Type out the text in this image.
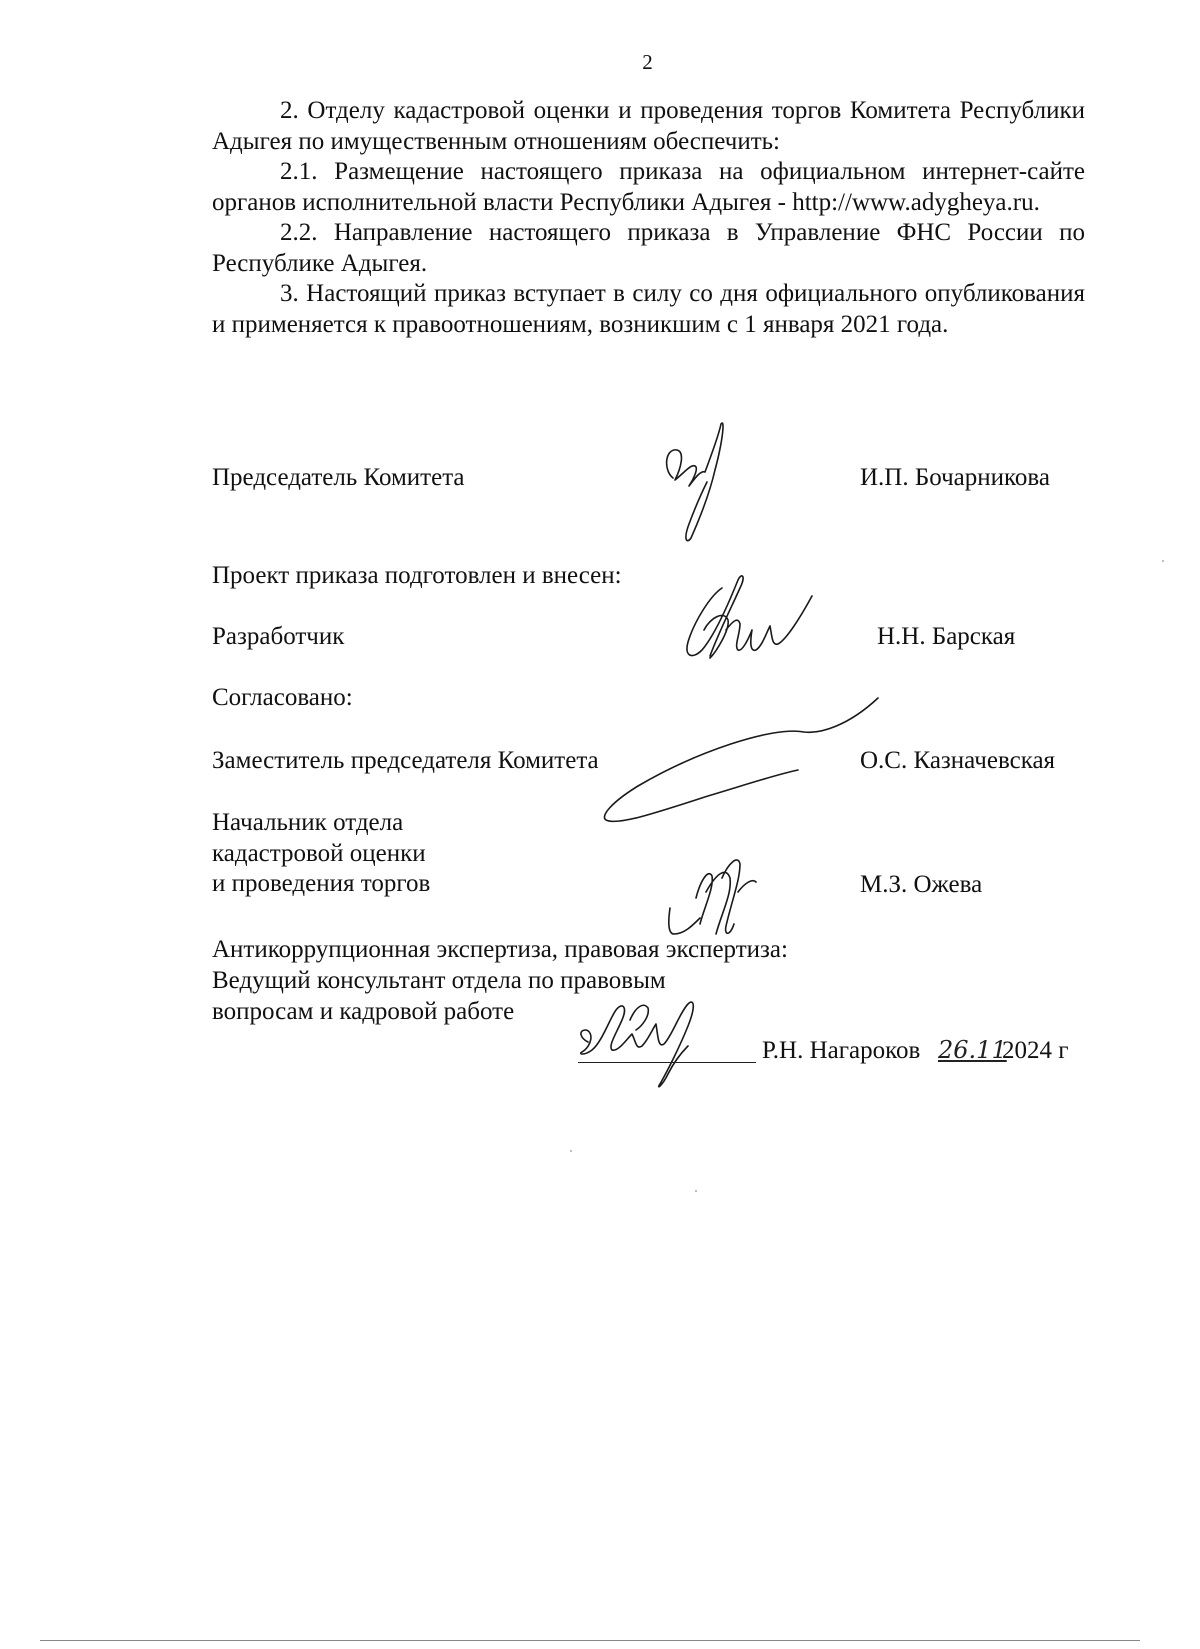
2

2. Отделу кадастровой оценки и проведения торгов Комитета Республики Адыгея по имущественным отношениям обеспечить:

2.1. Размещение настоящего приказа на официальном интернет-сайте органов исполнительной власти Республики Адыгея - http://www.adygheya.ru.

2.2. Направление настоящего приказа в Управление ФНС России по Республике Адыгея.

3. Настоящий приказ вступает в силу со дня официального опубликования и применяется к правоотношениям, возникшим с 1 января 2021 года.

Председатель Комитета	И.П. Бочарникова
Проект приказа подготовлен и внесен:
Разработчик	Н.Н. Барская
Согласовано:
Заместитель председателя Комитета	О.С. Казначевская
Начальник отдела
кадастровой оценки
и проведения торгов	М.З. Ожева
Антикоррупционная экспертиза, правовая экспертиза:
Ведущий консультант отдела по правовым
вопросам и кадровой работе
Р.Н. Нагароков 26.11
2024 г
